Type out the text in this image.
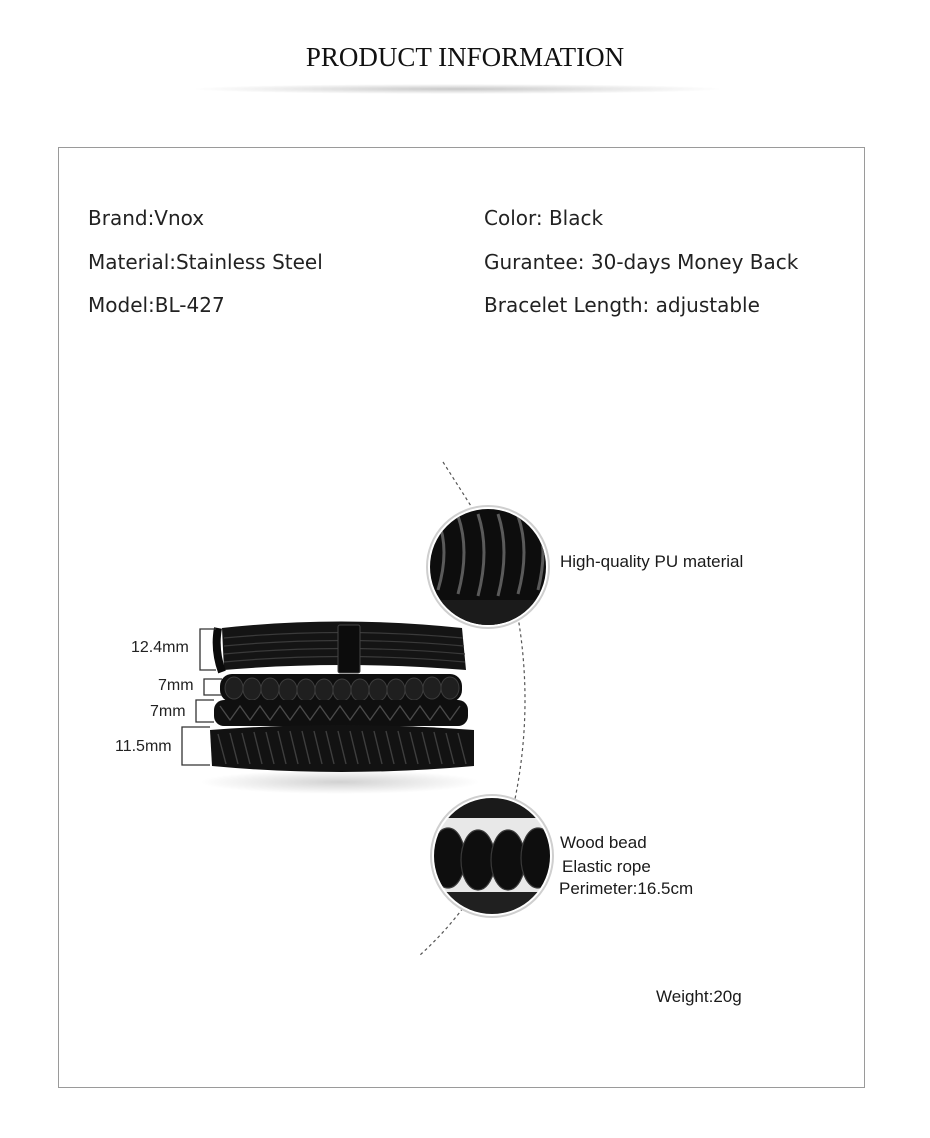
PRODUCT INFORMATION
Brand:Vnox
Material:Stainless Steel
Model:BL-427
Color: Black
Gurantee: 30-days Money Back
Bracelet Length: adjustable
12.4mm
7mm
7mm
11.5mm
High-quality PU material
Wood bead
Elastic rope
Perimeter:16.5cm
Weight:20g
